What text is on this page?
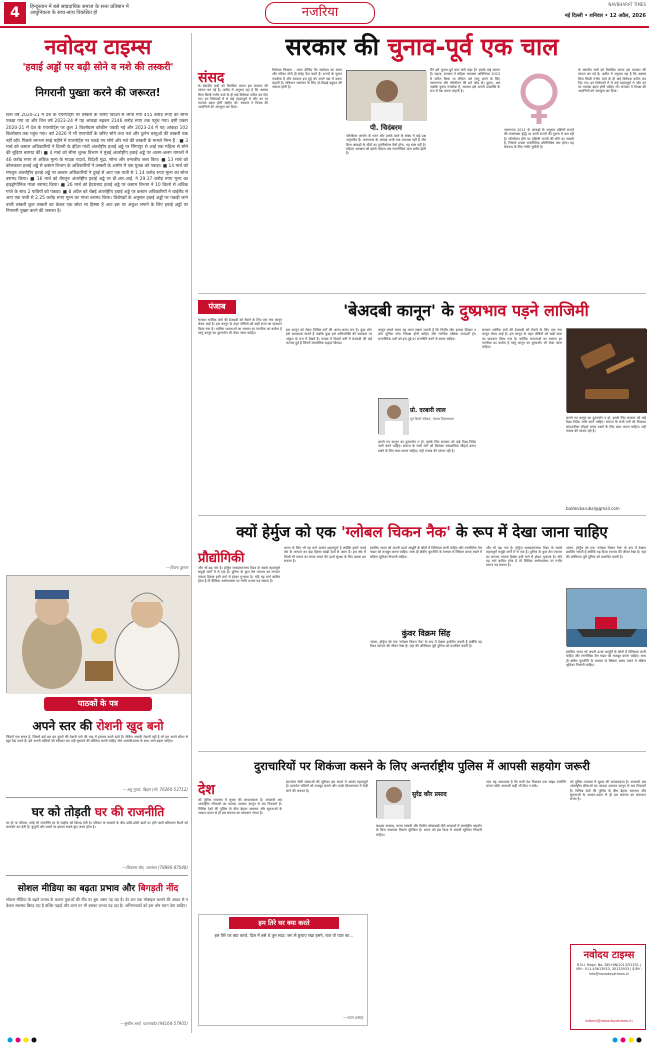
4	हिन्दुस्तान में बसे सांप्रदायिक समाज के सत्ता प्रतिष्ठान में
आधुनिकता के साथ-साथ विकसित हो	नजरिया
NAVBHARAT TIMES
नई दिल्ली • शनिवार • 12 अप्रैल, 2026
नवोदय टाइम्स
'हवाई अड्डों पर बढ़ी सोने व नशे की तस्करी'
निगरानी पुख्ता करने की जरूरत!
वित्त वर्ष 2020-21 में देश के एयरपोर्ट्स पर तस्करी के जरिए विदेशों से लाया गया 455 करोड़ रुपए का सोना पकड़ा गया था और वित्त वर्ष 2023-24 में यह आंकड़ा बढ़कर 2146 करोड़ रुपए तक पहुंच गया। इसी प्रकार 2020-21 में देश के एयरपोर्ट्स पर कुल 3 किलोग्राम कोकीन पकड़ी गई और 2023-24 में यह आंकड़ा 102 किलोग्राम तक पहुंच गया। वर्ष 2026 में भी एयरपोर्टों के जरिए सोने तथा नशे और दुर्लभ वस्तुओं की तस्करी रुक नहीं रही। पिछले लगभग साढ़े महीने में एयरपोर्ट्स पर पकड़े गए सोने और नशे की तस्करी के मामले निम्न हैं : ■ 3 मार्च को कस्टम अधिकारियों ने दिल्ली के इंदिरा गांधी अंतर्राष्ट्रीय हवाई अड्डे पर सिंगापुर से आई एक महिला से सोने की चूड़ियां बरामद कीं। ■ 4 मार्च को सीमा शुल्क विभाग ने मुंबई अंतर्राष्ट्रीय हवाई अड्डे पर अलग-अलग मामलों में 46 करोड़ रुपए से अधिक मूल्य के मादक पदार्थ, विदेशी मुद्रा, सोना और वन्यजीव जब्त किए। ■ 13 मार्च को कोलकाता हवाई अड्डे से कस्टम विभाग के अधिकारियों ने तस्करी के आरोप में एक युवक को पकड़ा। ■ 14 मार्च को मंगलुरु अंतर्राष्ट्रीय हवाई अड्डे पर कस्टम अधिकारियों ने दुबई से आए एक यात्री से 1.14 करोड़ रुपए मूल्य का सोना बरामद किया। ■ 16 मार्च को बेंगलुरु अंतर्राष्ट्रीय हवाई अड्डे पर डी.आर.आई. ने 29.37 करोड़ रुपए मूल्य का हाइड्रोपोनिक गांजा बरामद किया। ■ 26 मार्च को हैदराबाद हवाई अड्डे पर कस्टम विभाग ने 10 किलो से अधिक गांजे के साथ 2 यात्रियों को पकड़ा। ■ 8 अप्रैल को चेन्नई अंतर्राष्ट्रीय हवाई अड्डे पर कस्टम अधिकारियों ने थाईलैंड से आए एक यात्री से 2.25 करोड़ रुपए मूल्य का गांजा बरामद किया। विशेषज्ञों के अनुसार हवाई अड्डों पर पकड़ी जाने वाली तस्करी कुल तस्करी का केवल एक छोटा सा हिस्सा है अतः इस पर अंकुश लगाने के लिए हवाई अड्डों पर निगरानी पुख्ता करने की जरूरत है।
—विजय कुमार
पाठकों के पत्र
अपने स्तर की रोशनी खुद बनो
जिंदगी एक सफर है, जिसमें कई बार हम दूसरों की रोशनी पाने की चाह में इंतजार करते रहते हैं। लेकिन असली रोशनी वही है जो हम अपने भीतर से खुद पैदा करते हैं। हमें अपनी कमियों को स्वीकार कर उन्हें सुधारने की कोशिश करनी चाहिए और आत्मविश्वास के साथ आगे बढ़ना चाहिए।
—अनु गुप्ता, बिहार (मो. 76260-53712)
घर को तोड़ती घर की राजनीति
घर हो या परिवार, कोई भी राजनीति घर के माहौल को बिगाड़ देती है। परिवार के सदस्यों के बीच छोटी-छोटी बातों पर होने वाली खींचतान रिश्तों को कमजोर कर देती है। बुजुर्गों और बच्चों पर इसका सबसे बुरा असर होता है।
—शिवराम सेठ, जालंधर (78886-87048)
सोशल मीडिया का बढ़ता प्रभाव और बिगड़ती नींद
सोशल मीडिया के बढ़ते प्रभाव के कारण युवाओं की नींद पर बुरा असर पड़ रहा है। देर रात तक मोबाइल चलाने की आदत से न केवल स्वास्थ्य बिगड़ रहा है बल्कि पढ़ाई और काम पर भी इसका प्रभाव पड़ रहा है। अभिभावकों को इस ओर ध्यान देना चाहिए।
—सुनील शर्मा, पठानकोट (94164-57905)
सरकार की चुनाव-पूर्व एक चाल
संसद
के संसदीय सत्रों को विलंबित करना इस सरकार की परंपरा बन गई है। अतीत में अनुभव रहा है कि अक्सर बिना किसी गंभीर चर्चा के ही कई विधेयक पारित कर दिए गए। इन विधेयकों में से कई महत्वपूर्ण थे और उन पर व्यापक बहस होनी चाहिए थी। सरकार ने विपक्ष की आपत्तियों को अनसुना कर दिया।
विधेयक लिखना : ध्यान दीजिए कि संशोधन का समय और तरीका दोनों ही संदेह पैदा करते हैं। राज्यों के चुनाव नजदीक हैं और सरकार इस मुद्दे को अपने पक्ष में करना चाहती है। संविधान संशोधन के लिए दो-तिहाई बहुमत की जरूरत होती है।
पी. चिदंबरम
परिसीमन आयोग के गठन और उसके कार्य के संबंध में कई प्रश्न अनुत्तरित हैं। जनगणना के आंकड़े अभी तक उपलब्ध नहीं हैं और बिना आंकड़ों के सीटों का पुनर्निर्धारण कैसे होगा, यह स्पष्ट नहीं है। महिला आरक्षण को इससे जोड़ना एक राजनीतिक चाल प्रतीत होती है।
मैंने इसे चुनाव-पूर्व चाल क्यों कहा है? इसके कई कारण हैं। पहला, सरकार ने महिला आरक्षण अधिनियम 2023 में पारित किया था लेकिन उसे लागू करने के लिए जनगणना और परिसीमन की शर्त जोड़ दी। दूसरा, अब जबकि चुनाव नजदीक हैं, सरकार इसे अपनी उपलब्धि के रूप में पेश करना चाहती है।
जनगणना 2011 के आंकड़ों के अनुसार दक्षिणी राज्यों की जनसंख्या वृद्धि दर उत्तरी राज्यों की तुलना में कम रही है। परिसीमन होने पर दक्षिणी राज्यों की सीटें घट सकती हैं, जिससे उनका राजनीतिक प्रतिनिधित्व कम होगा। यह संघवाद के लिए गंभीर चुनौती है।
के संसदीय सत्रों को विलंबित करना इस सरकार की परंपरा बन गई है। अतीत में अनुभव रहा है कि अक्सर बिना किसी गंभीर चर्चा के ही कई विधेयक पारित कर दिए गए। इन विधेयकों में से कई महत्वपूर्ण थे और उन पर व्यापक बहस होनी चाहिए थी। सरकार ने विपक्ष की आपत्तियों को अनसुना कर दिया।
पंजाब
सरकार धार्मिक ग्रंथों की बेअदबी को रोकने के लिए एक नया कानून लेकर आई है। इस कानून के तहत दोषियों को कड़ी सजा का प्रावधान किया गया है। धार्मिक भावनाओं का सम्मान हर नागरिक का कर्तव्य है परंतु कानून का दुरुपयोग भी रोका जाना चाहिए।
'बेअदबी कानून' के दुष्प्रभाव पड़ने लाजिमी
इस कानून को लेकर विभिन्न वर्गों की अलग-अलग राय है। कुछ लोग इसे आवश्यक मानते हैं जबकि कुछ इसे अभिव्यक्ति की स्वतंत्रता पर अंकुश के रूप में देखते हैं। पंजाब में पिछले वर्षों में बेअदबी की कई घटनाएं हुई हैं जिनसे सामाजिक सद्भाव बिगड़ा।
प्रो. दरबारी लाल
पूर्व डिप्टी स्पीकर, पंजाब विधानसभा
कानून बनाते समय यह ध्यान रखना जरूरी है कि निर्दोष लोग इसका शिकार न बनें। पुलिस जांच निष्पक्ष होनी चाहिए और न्यायिक प्रक्रिया पारदर्शी हो। राजनीतिक दलों को इस मुद्दे पर राजनीति करने से बचना चाहिए।
बनाये गए कानून का दुरुपयोग न हो, इसके लिए सरकार को कड़े दिशा-निर्देश जारी करने चाहिएं। समाज के सभी वर्गों को मिलकर सांप्रदायिक सौहार्द बनाए रखने के लिए काम करना चाहिए। यही पंजाब की परंपरा रही है।
सरकार धार्मिक ग्रंथों की बेअदबी को रोकने के लिए एक नया कानून लेकर आई है। इस कानून के तहत दोषियों को कड़ी सजा का प्रावधान किया गया है। धार्मिक भावनाओं का सम्मान हर नागरिक का कर्तव्य है परंतु कानून का दुरुपयोग भी रोका जाना चाहिए।
बनाये गए कानून का दुरुपयोग न हो, इसके लिए सरकार को कड़े दिशा-निर्देश जारी करने चाहिएं। समाज के सभी वर्गों को मिलकर सांप्रदायिक सौहार्द बनाए रखने के लिए काम करना चाहिए। यही पंजाब की परंपरा रही है।
baldevbarubal@gmail.com
क्यों हेर्मुज को एक 'ग्लोबल चिकन नैक' के रूप में देखा जाना चाहिए
प्रौद्योगिकी
और भी बढ़ गया है। होर्मुज जलडमरूमध्य विश्व के सबसे महत्वपूर्ण समुद्री मार्गों में से एक है। दुनिया के कुल तेल व्यापार का लगभग पांचवां हिस्सा इसी मार्ग से होकर गुजरता है। यदि यह मार्ग बाधित होता है तो वैश्विक अर्थव्यवस्था पर गंभीर प्रभाव पड़ सकता है।
भारत के लिए भी यह मार्ग अत्यंत महत्वपूर्ण है क्योंकि हमारे कच्चे तेल के आयात का बड़ा हिस्सा खाड़ी देशों से आता है। इस क्षेत्र में किसी भी प्रकार का तनाव भारत की ऊर्जा सुरक्षा के लिए खतरा बन सकता है।
इसलिए भारत को अपनी ऊर्जा आपूर्ति के स्रोतों में विविधता लानी चाहिए और रणनीतिक तेल भंडार को मजबूत करना चाहिए। साथ ही क्षेत्रीय कूटनीति के माध्यम से स्थिरता बनाए रखने में सक्रिय भूमिका निभानी चाहिए।
कुंवर विक्रम सिंह
अंततः, होर्मुज को एक 'ग्लोबल चिकन नैक' के रूप में देखना इसलिए जरूरी है क्योंकि यह विश्व व्यापार की जीवन रेखा है। यहां की अस्थिरता पूरी दुनिया को प्रभावित करती है।
और भी बढ़ गया है। होर्मुज जलडमरूमध्य विश्व के सबसे महत्वपूर्ण समुद्री मार्गों में से एक है। दुनिया के कुल तेल व्यापार का लगभग पांचवां हिस्सा इसी मार्ग से होकर गुजरता है। यदि यह मार्ग बाधित होता है तो वैश्विक अर्थव्यवस्था पर गंभीर प्रभाव पड़ सकता है।
अंततः, होर्मुज को एक 'ग्लोबल चिकन नैक' के रूप में देखना इसलिए जरूरी है क्योंकि यह विश्व व्यापार की जीवन रेखा है। यहां की अस्थिरता पूरी दुनिया को प्रभावित करती है।
इसलिए भारत को अपनी ऊर्जा आपूर्ति के स्रोतों में विविधता लानी चाहिए और रणनीतिक तेल भंडार को मजबूत करना चाहिए। साथ ही क्षेत्रीय कूटनीति के माध्यम से स्थिरता बनाए रखने में सक्रिय भूमिका निभानी चाहिए।
दुराचारियों पर शिकंजा कसने के लिए अन्तर्राष्ट्रीय पुलिस में आपसी सहयोग जरूरी
देश
को पुलिस व्यवस्था में सुधार की आवश्यकता है। अपराधी अब अंतर्राष्ट्रीय सीमाओं का फायदा उठाकर कानून से बच निकलते हैं। विभिन्न देशों की पुलिस के बीच बेहतर समन्वय और सूचनाओं के आदान-प्रदान से ही इस समस्या का समाधान संभव है।
हम तिरे घर क्या करते
हम तिरे घर क्या करते, दिल में बसे थे तुम सदा। जग से छुपाए रखा हमने, राज़ वो प्यार का...
—पवन प्रसाद
इंटरपोल जैसी संस्थाओं की भूमिका इस संदर्भ में अत्यंत महत्वपूर्ण है। प्रत्यर्पण संधियों को मजबूत बनाने और उनके क्रियान्वयन में तेजी लाने की जरूरत है।
सुरेंद्र कौर प्रसाद
साइबर अपराध, मानव तस्करी और वित्तीय धोखाधड़ी जैसे अपराधों में अंतर्राष्ट्रीय सहयोग के बिना सफलता मिलना मुश्किल है। भारत को इस दिशा में अग्रणी भूमिका निभानी चाहिए।
अतः यह आवश्यक है कि सभी देश मिलकर एक साझा रणनीति बनाएं ताकि अपराधी कहीं भी छिप न सकें।
को पुलिस व्यवस्था में सुधार की आवश्यकता है। अपराधी अब अंतर्राष्ट्रीय सीमाओं का फायदा उठाकर कानून से बच निकलते हैं। विभिन्न देशों की पुलिस के बीच बेहतर समन्वय और सूचनाओं के आदान-प्रदान से ही इस समस्या का समाधान संभव है।
नवोदय टाइम्स
R.N.I. Regd. No. DELHIN/2013/52331 | फोन : 011-43613933, 30133933 | ई-मेल : info@navodayatimes.in
letters@navodayatimes.in
